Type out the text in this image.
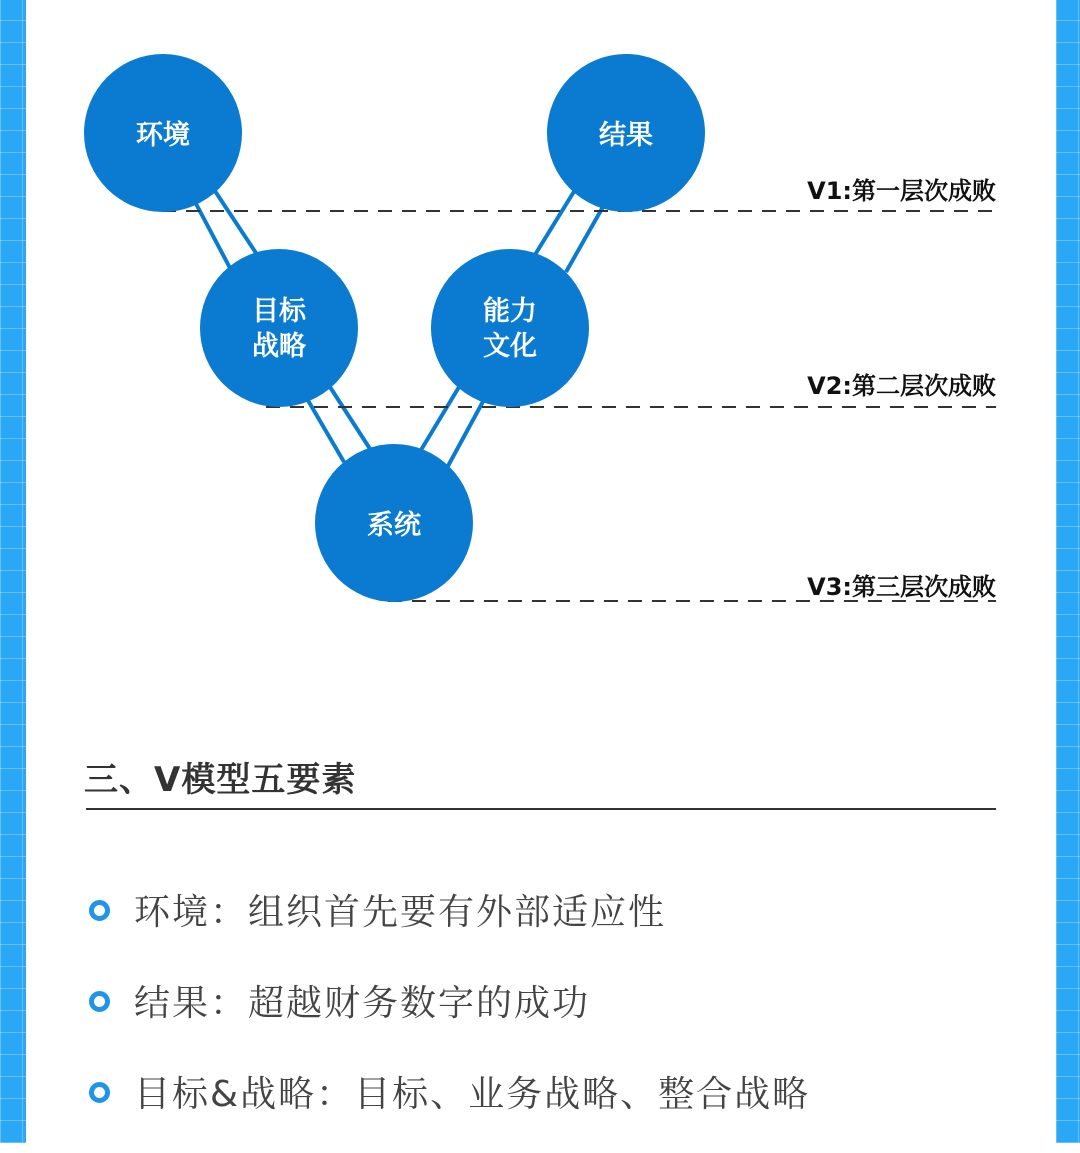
环境	结果
目标
战略
能力
文化
系统
V1:第一层次成败
V2:第二层次成败
V3:第三层次成败
三、V模型五要素
环境：组织首先要有外部适应性
结果：超越财务数字的成功
目标&战略：目标、业务战略、整合战略
